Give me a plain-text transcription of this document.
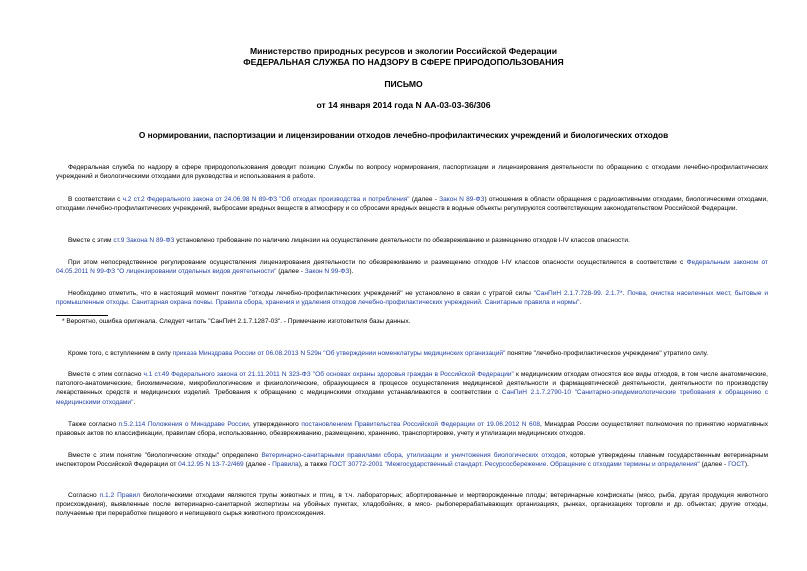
Министерство природных ресурсов и экологии Российской Федерации
ФЕДЕРАЛЬНАЯ СЛУЖБА ПО НАДЗОРУ В СФЕРЕ ПРИРОДОПОЛЬЗОВАНИЯ
ПИСЬМО
от 14 января 2014 года N АА-03-03-36/306
О нормировании, паспортизации и лицензировании отходов лечебно-профилактических учреждений и биологических отходов
Федеральная служба по надзору в сфере природопользования доводит позицию Службы по вопросу нормирования, паспортизации и лицензирования деятельности по обращению с отходами лечебно-профилактических учреждений и биологическими отходами для руководства и использования в работе.
В соответствии с ч.2 ст.2 Федерального закона от 24.06.98 N 89-ФЗ "Об отходах производства и потребления" (далее - Закон N 89-ФЗ) отношения в области обращения с радиоактивными отходами, биологическими отходами, отходами лечебно-профилактических учреждений, выбросами вредных веществ в атмосферу и со сбросами вредных веществ в водные объекты регулируются соответствующим законодательством Российской Федерации.
Вместе с этим ст.9 Закона N 89-ФЗ установлено требование по наличию лицензии на осуществление деятельности по обезвреживанию и размещению отходов I-IV классов опасности.
При этом непосредственное регулирование осуществления лицензирования деятельности по обезвреживанию и размещению отходов I-IV классов опасности осуществляется в соответствии с Федеральным законом от 04.05.2011 N 99-ФЗ "О лицензировании отдельных видов деятельности" (далее - Закон N 99-ФЗ).
Необходимо отметить, что в настоящий момент понятие "отходы лечебно-профилактических учреждений" не установлено в связи с утратой силы "СанПиН 2.1.7.728-99. 2.1.7*. Почва, очистка населенных мест, бытовые и промышленные отходы. Санитарная охрана почвы. Правила сбора, хранения и удаления отходов лечебно-профилактических учреждений. Санитарные правила и нормы".
* Вероятно, ошибка оригинала. Следует читать "СанПиН 2.1.7.1287-03". - Примечание изготовителя базы данных.
Кроме того, с вступлением в силу приказа Минздрава России от 06.08.2013 N 529н "Об утверждении номенклатуры медицинских организаций" понятие "лечебно-профилактическое учреждение" утратило силу.
Вместе с этим согласно ч.1 ст.49 Федерального закона от 21.11.2011 N 323-ФЗ "Об основах охраны здоровья граждан в Российской Федерации" к медицинским отходам относятся все виды отходов, в том числе анатомические, патолого-анатомические, биохимические, микробиологические и физиологические, образующиеся в процессе осуществления медицинской деятельности и фармацевтической деятельности, деятельности по производству лекарственных средств и медицинских изделий. Требования к обращению с медицинскими отходами устанавливаются в соответствии с СанПиН 2.1.7.2790-10 "Санитарно-эпидемиологические требования к обращению с медицинскими отходами".
Также согласно п.5.2.114 Положения о Минздраве России, утвержденного постановлением Правительства Российской Федерации от 19.06.2012 N 608, Минздрав России осуществляет полномочия по принятию нормативных правовых актов по классификации, правилам сбора, использованию, обезвреживанию, размещению, хранению, транспортировке, учету и утилизации медицинских отходов.
Вместе с этим понятие "биологические отходы" определено Ветеринарно-санитарными правилами сбора, утилизации и уничтожения биологических отходов, которые утверждены главным государственным ветеринарным инспектором Российской Федерации от 04.12.95 N 13-7-2/469 (далее - Правила), а также ГОСТ 30772-2001 "Межгосударственный стандарт. Ресурсосбережение. Обращение с отходами термины и определения" (далее - ГОСТ).
Согласно п.1.2 Правил биологическими отходами являются трупы животных и птиц, в т.ч. лабораторных; абортированные и мертворожденные плоды; ветеринарные конфискаты (мясо, рыба, другая продукция животного происхождения), выявленные после ветеринарно-санитарной экспертизы на убойных пунктах, хладобойнях, в мясо- рыбоперерабатывающих организациях, рынках, организациях торговли и др. объектах; другие отходы, получаемые при переработке пищевого и непищевого сырья животного происхождения.
